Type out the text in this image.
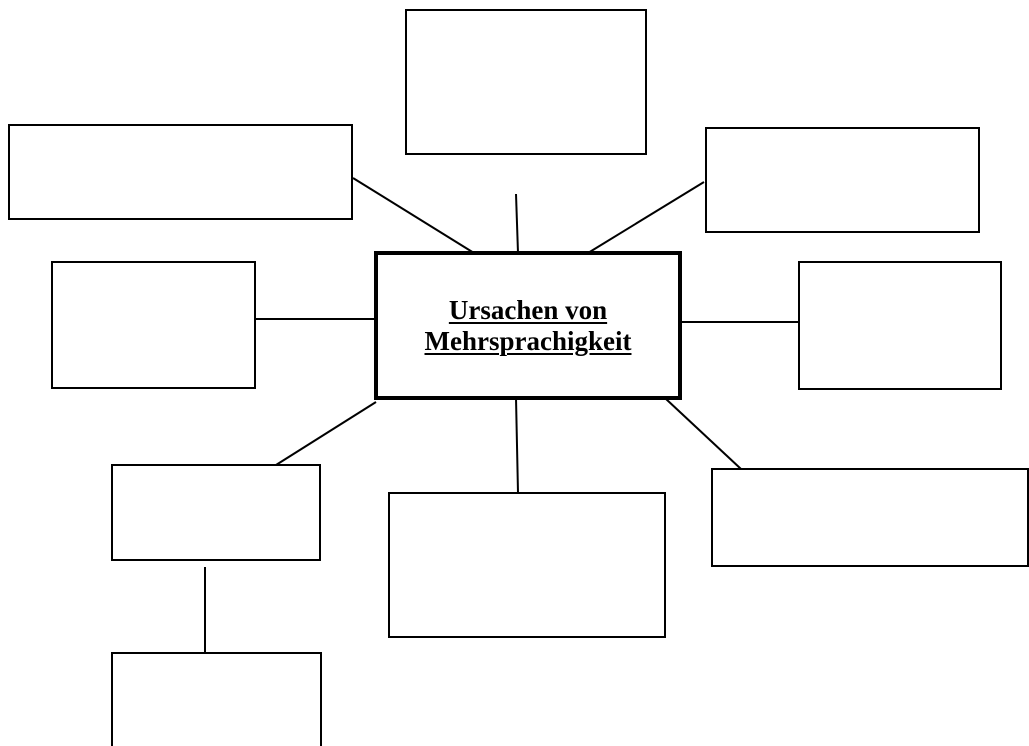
Ursachen von
Mehrsprachigkeit
